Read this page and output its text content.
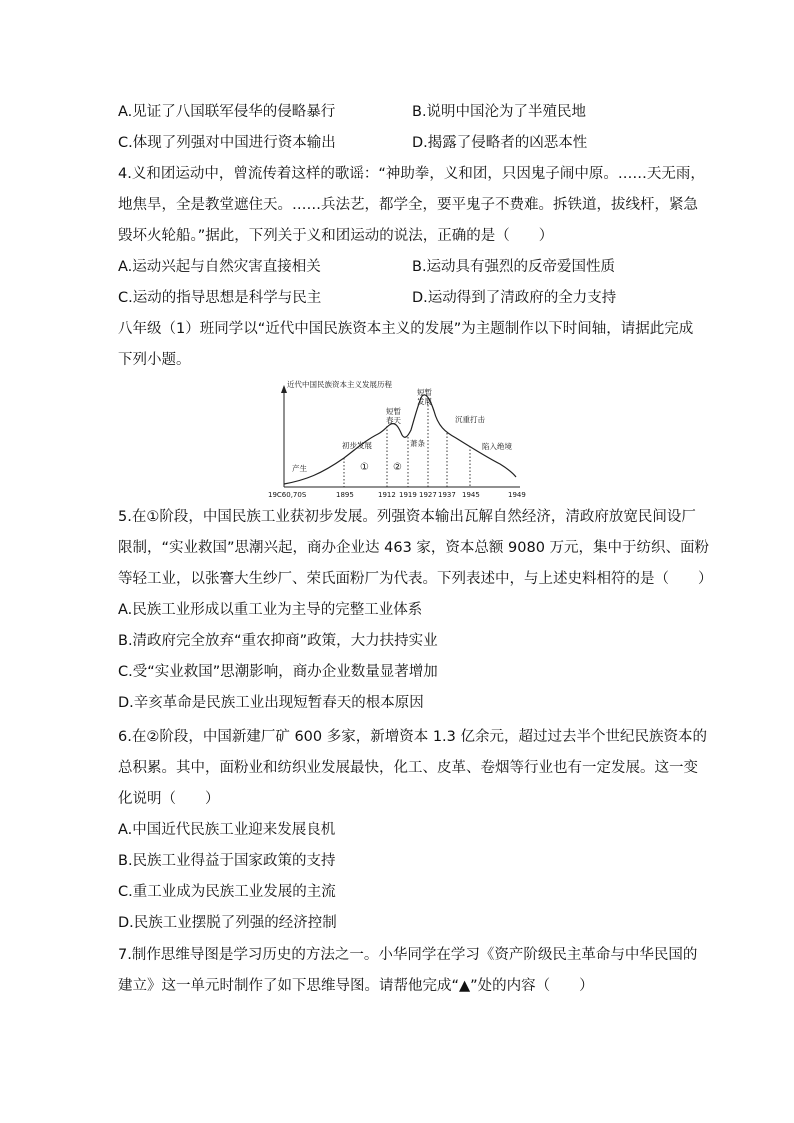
A.见证了八国联军侵华的侵略暴行	B.说明中国沦为了半殖民地
C.体现了列强对中国进行资本输出	D.揭露了侵略者的凶恶本性
4.义和团运动中，曾流传着这样的歌谣：“神助拳，义和团，只因鬼子闹中原。……天无雨，
地焦旱，全是教堂遮住天。……兵法艺，都学全，要平鬼子不费难。拆铁道，拔线杆，紧急
毁坏火轮船。”据此，下列关于义和团运动的说法，正确的是（　　）
A.运动兴起与自然灾害直接相关	B.运动具有强烈的反帝爱国性质
C.运动的指导思想是科学与民主	D.运动得到了清政府的全力支持
八年级（1）班同学以“近代中国民族资本主义的发展”为主题制作以下时间轴，请据此完成
下列小题。
近代中国民族资本主义发展历程
产生
初步发展
短暂
春天
萧条
短暂
发展
沉重打击
陷入绝境
① ②
19C60,70S	1895	1912 1919 1927 1937 1945	1949
5.在①阶段，中国民族工业获初步发展。列强资本输出瓦解自然经济，清政府放宽民间设厂
限制，“实业救国”思潮兴起，商办企业达 463 家，资本总额 9080 万元，集中于纺织、面粉
等轻工业，以张謇大生纱厂、荣氏面粉厂为代表。下列表述中，与上述史料相符的是（　　）
A.民族工业形成以重工业为主导的完整工业体系
B.清政府完全放弃“重农抑商”政策，大力扶持实业
C.受“实业救国”思潮影响，商办企业数量显著增加
D.辛亥革命是民族工业出现短暂春天的根本原因
6.在②阶段，中国新建厂矿 600 多家，新增资本 1.3 亿余元，超过过去半个世纪民族资本的
总积累。其中，面粉业和纺织业发展最快，化工、皮革、卷烟等行业也有一定发展。这一变
化说明（　　）
A.中国近代民族工业迎来发展良机
B.民族工业得益于国家政策的支持
C.重工业成为民族工业发展的主流
D.民族工业摆脱了列强的经济控制
7.制作思维导图是学习历史的方法之一。小华同学在学习《资产阶级民主革命与中华民国的
建立》这一单元时制作了如下思维导图。请帮他完成“▲”处的内容（　　）
